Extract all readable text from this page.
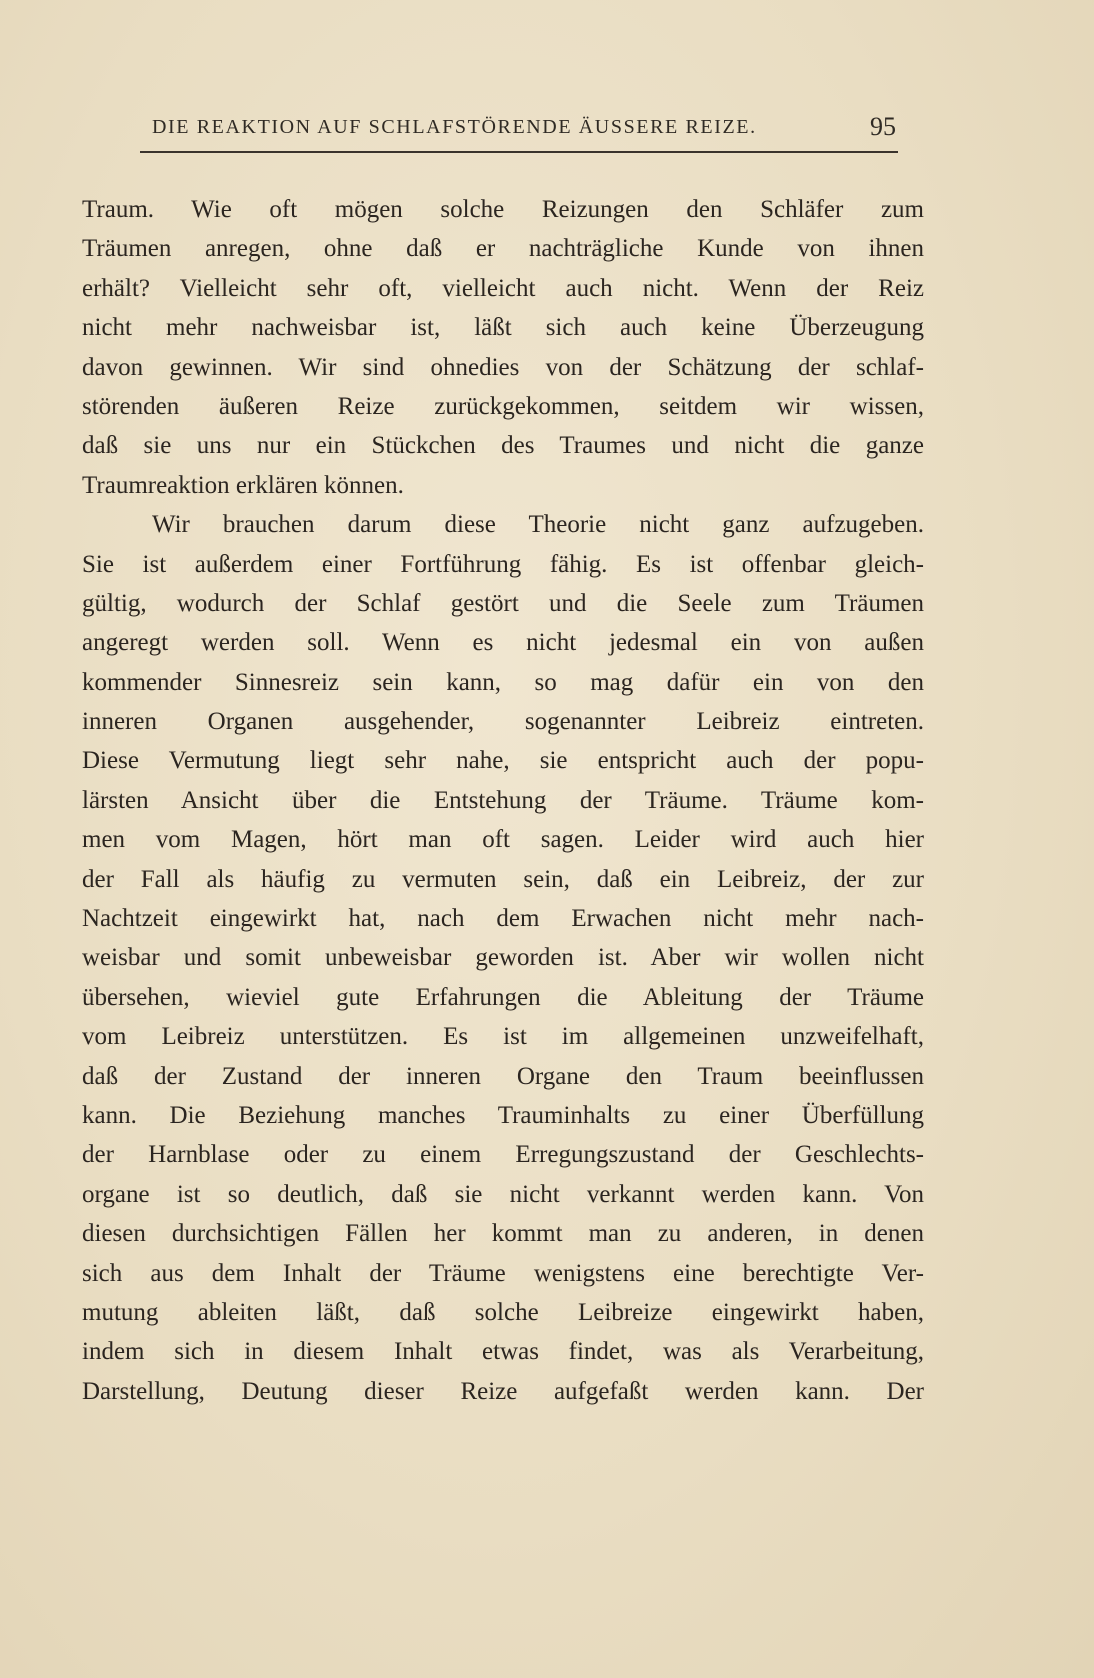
DIE REAKTION AUF SCHLAFSTÖRENDE ÄUSSERE REIZE.	95
Traum. Wie oft mögen solche Reizungen den Schläfer zum
Träumen anregen, ohne daß er nachträgliche Kunde von ihnen
erhält? Vielleicht sehr oft, vielleicht auch nicht. Wenn der Reiz
nicht mehr nachweisbar ist, läßt sich auch keine Überzeugung
davon gewinnen. Wir sind ohnedies von der Schätzung der schlaf-
störenden äußeren Reize zurückgekommen, seitdem wir wissen,
daß sie uns nur ein Stückchen des Traumes und nicht die ganze
Traumreaktion erklären können.
Wir brauchen darum diese Theorie nicht ganz aufzugeben.
Sie ist außerdem einer Fortführung fähig. Es ist offenbar gleich-
gültig, wodurch der Schlaf gestört und die Seele zum Träumen
angeregt werden soll. Wenn es nicht jedesmal ein von außen
kommender Sinnesreiz sein kann, so mag dafür ein von den
inneren Organen ausgehender, sogenannter Leibreiz eintreten.
Diese Vermutung liegt sehr nahe, sie entspricht auch der popu-
lärsten Ansicht über die Entstehung der Träume. Träume kom-
men vom Magen, hört man oft sagen. Leider wird auch hier
der Fall als häufig zu vermuten sein, daß ein Leibreiz, der zur
Nachtzeit eingewirkt hat, nach dem Erwachen nicht mehr nach-
weisbar und somit unbeweisbar geworden ist. Aber wir wollen nicht
übersehen, wieviel gute Erfahrungen die Ableitung der Träume
vom Leibreiz unterstützen. Es ist im allgemeinen unzweifelhaft,
daß der Zustand der inneren Organe den Traum beeinflussen
kann. Die Beziehung manches Trauminhalts zu einer Überfüllung
der Harnblase oder zu einem Erregungszustand der Geschlechts-
organe ist so deutlich, daß sie nicht verkannt werden kann. Von
diesen durchsichtigen Fällen her kommt man zu anderen, in denen
sich aus dem Inhalt der Träume wenigstens eine berechtigte Ver-
mutung ableiten läßt, daß solche Leibreize eingewirkt haben,
indem sich in diesem Inhalt etwas findet, was als Verarbeitung,
Darstellung, Deutung dieser Reize aufgefaßt werden kann. Der
